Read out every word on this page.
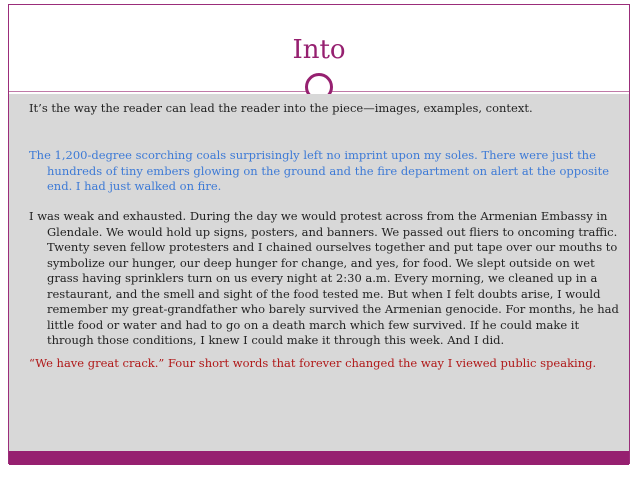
Into

It’s the way the reader can lead the reader into the piece—images, examples, context.

The 1,200-degree scorching coals surprisingly left no imprint upon my soles. There were just the hundreds of tiny embers glowing on the ground and the fire department on alert at the opposite end. I had just walked on fire.

I was weak and exhausted. During the day we would protest across from the Armenian Embassy in Glendale. We would hold up signs, posters, and banners. We passed out fliers to oncoming traffic. Twenty seven fellow protesters and I chained ourselves together and put tape over our mouths to symbolize our hunger, our deep hunger for change, and yes, for food. We slept outside on wet grass having sprinklers turn on us every night at 2:30 a.m. Every morning, we cleaned up in a restaurant, and the smell and sight of the food tested me. But when I felt doubts arise, I would remember my great-grandfather who barely survived the Armenian genocide. For months, he had little food or water and had to go on a death march which few survived. If he could make it through those conditions, I knew I could make it through this week. And I did.

“We have great crack.” Four short words that forever changed the way I viewed public speaking.
